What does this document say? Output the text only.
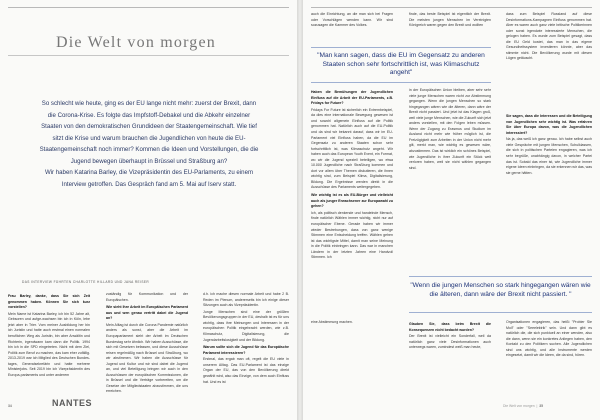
Die Welt von morgen

So schlecht wie heute, ging es der EU lange nicht mehr: zuerst der Brexit, dann

die Corona-Krise. Es folgte das Impfstoff-Debakel und die Abkehr einzelner

Staaten von den demokratischen Grundideen der Staatengemeinschaft. Wie tief

sitzt die Krise und warum brauchen die Jugendlichen von heute die EU-

Staatengemeinschaft noch immer? Kommen die Ideen und Vorstellungen, die die

Jugend bewegen überhaupt in Brüssel und Straßburg an?

Wir haben Katarina Barley, die Vizepräsidentin des EU-Parlaments, zu einem

Interview getroffen. Das Gespräch fand am 5. Mai auf Iserv statt.

DAS INTERVIEW FÜHRTEN CHARLOTTE HILLARD UND JANA REISER

Frau Barley, danke, dass Sie sich Zeit genommen haben. Können Sie sich kurz vorstellen?

Mein Name ist Katarina Barley, ich bin 52 Jahre alt, Gebsoren und aufge-wachsen bin ich in Köln, lebe jetzt aber in Trier. Vom meiner Ausbildung her bin ich Juristin und hatte auch erstmal einen normalen beruflichen Weg als Juristin, bin aber Anwältin und Richterin, irgendwann kam dann die Politik. 1994 bin ich in die SPD eingetreten. Nicht mit dem Ziel, Politik zum Beruf zu machen, das kam eher zufällig. 2013-2019 war ich Mitglied des Deutschen Bundes-tages, Generalsekretärin und hatte mehrere Ministerjobs. Seit 2019 bin ich Vizepräsidentin des Europa-parlaments und unter anderem

zuständig für Kommunikation und der Europäischen.

Wie sieht Ihre Arbeit im Europäischen Parlament aus und wen genau vertritt dabei die Jugend an?

Mein Alltag ist durch die Corona Pandemie natürlich anders als sonst, aber die Arbeit im Europaparlament sieht der Arbeit im Deutschen Bundestag sehr ähnlich. Wir haben Ausschüsse, die sich mit Gesetzen befassen, und diese Ausschüsse reisen regelmäßig nach Brüssel und Straßburg, wo wir abstimmen. Wir haben die Ausschüsse für Jugend und Kultur und wir sind dabei die Jugend an, und viel Beteiligung bringen wir auch in den Ausschüssen der europäischen Kommissionen, die in Brüssel und die Verträge vorbereiten, um die Gesetze der Mitgliedstaaten abzustimmen, die uns erreichen.

d.h. ich mache diesen normale Arbeit und habe 2 B. Reden im Plenum, andererseits bin ich einige dieser Sitzungen auch als Vizepräsidentin.

Junge Menschen sind eine der größten Bevölkerungsgruppen in der EU, deshalb ist es für uns wichtig, dass ihre Meinungen und Interessen in der europäischen Politik eingebracht werden, wie z.B. Klimaschutz, Digitalisierung, die Jugendarbeitslosigkeit und der Bildung.

Warum sollte sich die Jugend für das Europäische Parlament interessieren?

Erstmal, das ergab man oft, regelt die EU viele in unserem Alltag. Das EU-Parlament ist das einzige Organ der EU, das von den Bevölkerung direkt gewählt wird, also das Einzige, von dem auch Einfluss hat. Und es ist

34	NANTES

auch die Einrichtung, an die man sich bei Fragen oder Vorschlägen wenden kann. Wir sind sozusagen die Kammer des Volkes.

finde, das beste Beispiel ist eigentlich der Brexit. Die meisten jungen Menschen im Vereinigten Königreich waren gegen den Brexit und wollten

dass zum Beispiel Russland auf diese Desinformations-Kampagnen Einfluss genommen hat. Aber es waren auch ganz viele britische Politikerinnen oder sonst irgendwie interessierte Menschen, die gelogen haben. Es wurde zum Beispiel gesagt, dass die EU Geld kostet, das man in das eigene Gesundheitssystem investieren könnte, aber das stimmte nicht. Die Bevölkerung wurde mit diesen Lügen getäuscht.

"Man kann sagen, dass die EU im Gegensatz zu anderen Staaten schon sehr fortschrittlich ist, was Klimaschutz angeht"

Haben die Bemühungen der Jugendlichen Einfluss auf die Arbeit der EU-Parlaments, z.B. Fridays for Future?

Fridays For Future ist sicherlich ein Extrembeispiel, da dies eine internationale Bewegung gewesen ist und sowohl allgemein Einfluss auf die Politik genommen hat. Natürlich auch auf die EU-Politik und da sind wir bekannt darauf, dass wir im EU-Parlament viel Einfluss haben, da die EU im Gegensatz zu anderen Staaten schon sehr fortschrittlich ist, was Klimaschutz angeht. Wir haben auch das European Youth Event, ein Format, wo wir die Jugend speziell beteiligen, wo etwa 10.000 Jugendliche nach Straßburg kommen und dort vor allem über Themen diskutieren, die ihnen wichtig sind, zum Beispiel Klima, Digitalisierung, Bildung. Die Ergebnisse werden direkt in die Ausschüsse des Parlaments weitergegeben.

Wie wichtig ist es als EU-Bürger und vielleicht auch als junger Erwachsener zur Europawahl zu gehen?

Ich, als politisch denkende und handelnde Mensch, finde natürlich Wählen immer wichtig, nicht nur auf europäischer Ebene. Gerade haben wir immer wieder Bestrebungen, dass von ganz wenige Stimmen eine Entscheidung treffen. Wählen gehen ist das wichtigste Mittel, damit man seine Meinung in die Politik einbringen kann. Das war in manchen Ländern in der letzten Jahren eine Handvoll Stimmen. Ich

in der Europäischen Union bleiben, aber sehr sehr viele junge Menschen waren nicht zur Abstimmung gegangen. Wenn die jungen Menschen so stark hingegangen wären wie die älteren, dann wäre der Brexit nicht passiert. Und jetzt ist das Klagen groß, weil viele junge Menschen, wie die Zukunft sich jetzt anders vorstellen, mit den Folgen leben müssen. Wenn der Zugang zu Erasmus und Studium im Ausland nicht mehr wie früher möglich ist, die Freizügigkeit zum Arbeiten in der Union nicht mehr gilt, merkt man, wie wichtig es gewesen wäre, abzustimmen. Das ist wirklich ein schönes Beispiel, wie Jugendliche in ihrer Zukunft ein Stück weit verloren haben, weil sie nicht wählen gegangen sind.

Sie sagen, dass die Interessen und die Beteiligung von Jugendlichen sehr wichtig ist. Was erfahren Sie über Europa davon, was die Jugendlichen interessiert?

Na ja, das weiß ich ganz genau. Ich habe selbst auch viele Gespräche mit jungen Menschen, Schulklassen, die sich in politischen Parteien engagieren, was ich sehr begrüße, unabhängig davon, in welcher Partei das ist. Sobald das einer ist, wie Jugendliche immer eigene Ideen einbringen, da sie erkennen wir das, was sie gerne hätten.

"Wenn die jungen Menschen so stark hingegangen wären wie die älteren, dann wäre der Brexit nicht passiert. "

eine Abstimmung machen.	Glauben Sie, dass beim Brexit die Konsequenzen nicht bedacht wurden?

Der Brexit ist vielleicht ein Sonderfall, weil da natürlich ganz viele Desinformationen auch unterwegs waren, zumindest weiß man heute,

Organisationen engagieren, das heißt "Probier Sie Moll" oder "Seeelektrik" sein. Und dann gibt es natürlich die, die sich punktuell an einer wenden, also die dann, wenn sie ein konkretes Anliegen haben, den Kontakt zu den Politikern suchen. Alle Jugendlichen sind uns wichtig, und alle Instrumente werden eingesetzt, damit wir die Ideen, die da sind, hören.

Die Welt von morgen  |  35
